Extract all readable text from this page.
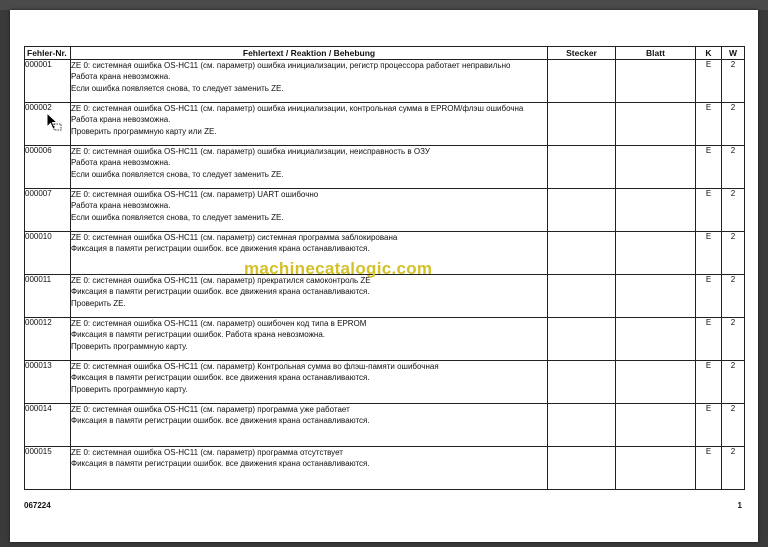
Fehler-Nr.	Fehlertext / Reaktion / Behebung	Stecker	Blatt	K	W
000001	ZE 0: системная ошибка OS-HC11 (см. параметр) ошибка инициализации, регистр процессора работает неправильно
Работа крана невозможна.
Если ошибка появляется снова, то следует заменить ZE.			E	2
000002	ZE 0: системная ошибка OS-HC11 (см. параметр) ошибка инициализации, контрольная сумма в EPROM/флэш ошибочна
Работа крана невозможна.
Проверить программную карту или ZE.			E	2
000006	ZE 0: системная ошибка OS-HC11 (см. параметр) ошибка инициализации, неисправность в ОЗУ
Работа крана невозможна.
Если ошибка появляется снова, то следует заменить ZE.			E	2
000007	ZE 0: системная ошибка OS-HC11 (см. параметр) UART ошибочно
Работа крана невозможна.
Если ошибка появляется снова, то следует заменить ZE.			E	2
000010	ZE 0: системная ошибка OS-HC11 (см. параметр) системная программа заблокирована
Фиксация в памяти регистрации ошибок. все движения крана останавливаются.			E	2
000011	ZE 0: системная ошибка OS-HC11 (см. параметр) прекратился самоконтроль ZE
Фиксация в памяти регистрации ошибок. все движения крана останавливаются.
Проверить ZE.			E	2
000012	ZE 0: системная ошибка OS-HC11 (см. параметр) ошибочен код типа в EPROM
Фиксация в памяти регистрации ошибок. Работа крана невозможна.
Проверить программную карту.			E	2
000013	ZE 0: системная ошибка OS-HC11 (см. параметр) Контрольная сумма во флэш-памяти ошибочная
Фиксация в памяти регистрации ошибок. все движения крана останавливаются.
Проверить программную карту.			E	2
000014	ZE 0: системная ошибка OS-HC11 (см. параметр) программа уже работает
Фиксация в памяти регистрации ошибок. все движения крана останавливаются.			E	2
000015	ZE 0: системная ошибка OS-HC11 (см. параметр) программа отсутствует
Фиксация в памяти регистрации ошибок. все движения крана останавливаются.			E	2
067224	1
machinecatalogic.com
